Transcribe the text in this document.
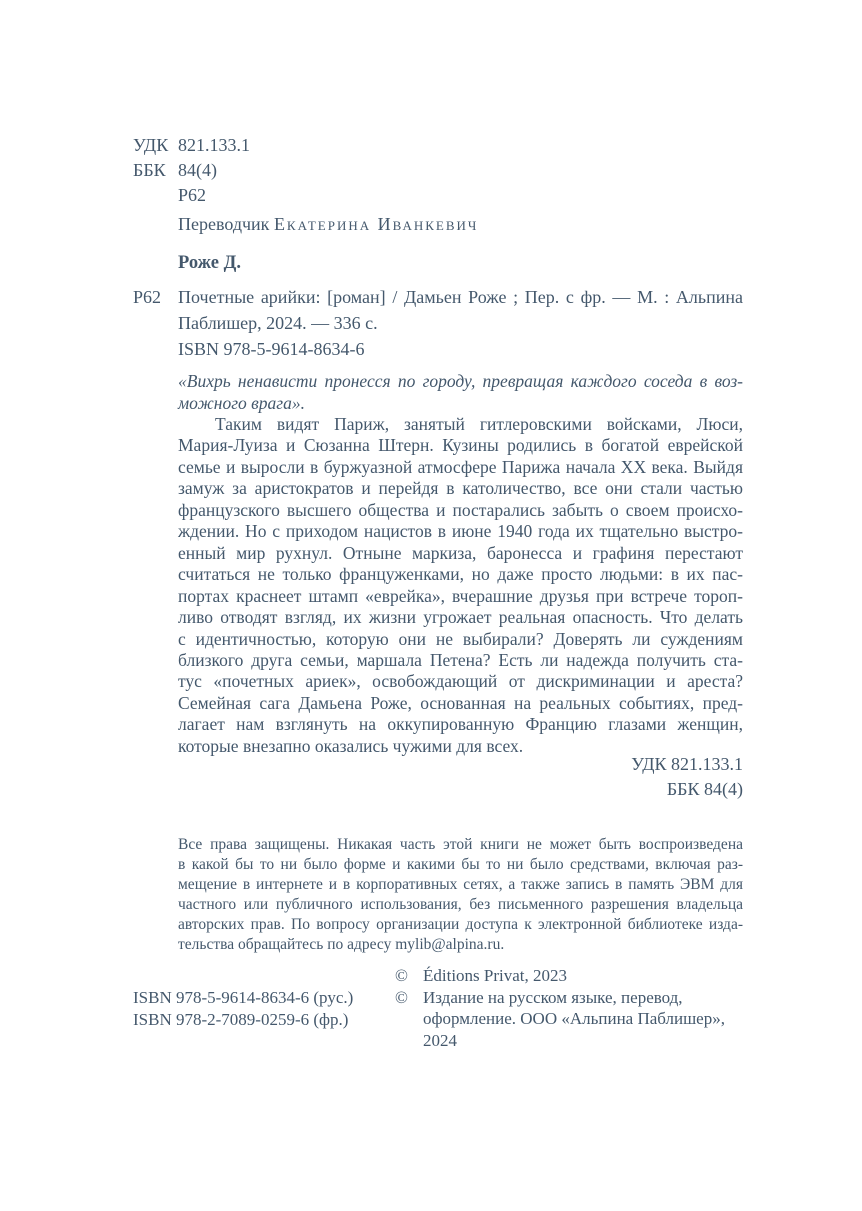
УДК 821.133.1
ББК 84(4)
Р62
Переводчик Екатерина Иванкевич
Роже Д.
Р62 Почетные арийки: [роман] / Дамьен Роже ; Пер. с фр. — М. : Альпина
Паблишер, 2024. — 336 с.
ISBN 978-5-9614-8634-6
«Вихрь ненависти пронесся по городу, превращая каждого соседа в воз-
можного врага».
Таким видят Париж, занятый гитлеровскими войсками, Люси,
Мария-Луиза и Сюзанна Штерн. Кузины родились в богатой еврейской
семье и выросли в буржуазной атмосфере Парижа начала XX века. Выйдя
замуж за аристократов и перейдя в католичество, все они стали частью
французского высшего общества и постарались забыть о своем происхо-
ждении. Но с приходом нацистов в июне 1940 года их тщательно выстро-
енный мир рухнул. Отныне маркиза, баронесса и графиня перестают
считаться не только француженками, но даже просто людьми: в их пас-
портах краснеет штамп «еврейка», вчерашние друзья при встрече тороп-
ливо отводят взгляд, их жизни угрожает реальная опасность. Что делать
с идентичностью, которую они не выбирали? Доверять ли суждениям
близкого друга семьи, маршала Петена? Есть ли надежда получить ста-
тус «почетных ариек», освобождающий от дискриминации и ареста?
Семейная сага Дамьена Роже, основанная на реальных событиях, пред-
лагает нам взглянуть на оккупированную Францию глазами женщин,
которые внезапно оказались чужими для всех.
УДК 821.133.1
ББК 84(4)
Все права защищены. Никакая часть этой книги не может быть воспроизведена
в какой бы то ни было форме и какими бы то ни было средствами, включая раз-
мещение в интернете и в корпоративных сетях, а также запись в память ЭВМ для
частного или публичного использования, без письменного разрешения владельца
авторских прав. По вопросу организации доступа к электронной библиотеке изда-
тельства обращайтесь по адресу mylib@alpina.ru.
ISBN 978-5-9614-8634-6 (рус.)
ISBN 978-2-7089-0259-6 (фр.)
© Éditions Privat, 2023
© Издание на русском языке, перевод,
оформление. ООО «Альпина Паблишер», 2024
